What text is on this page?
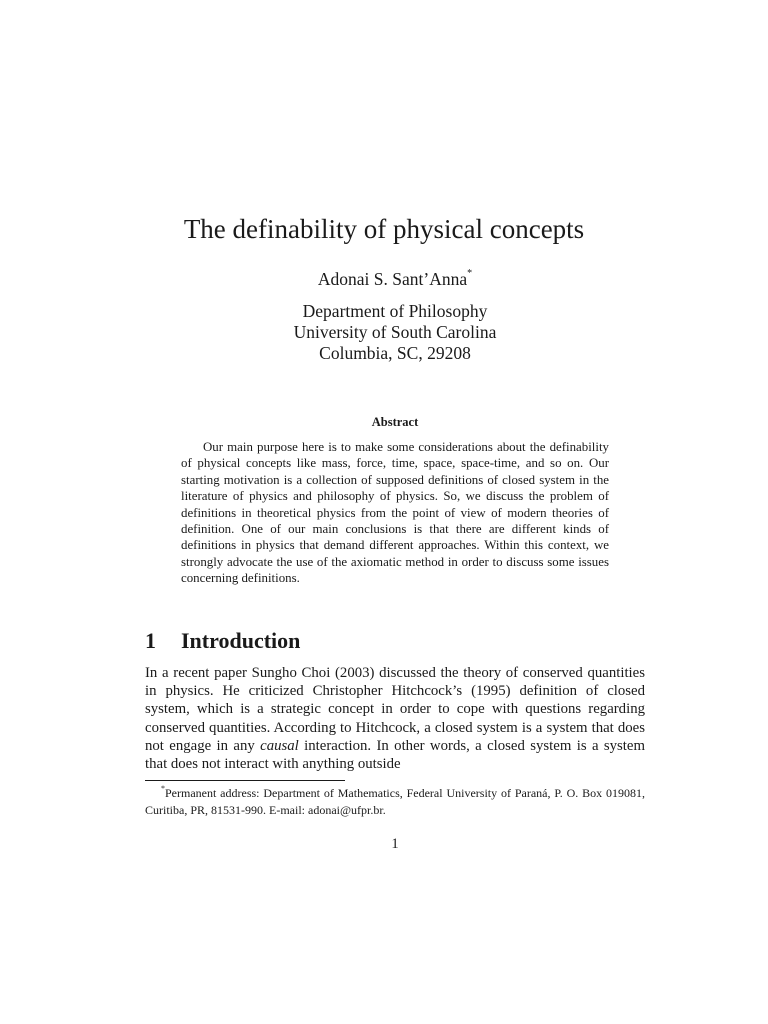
The definability of physical concepts
Adonai S. Sant’Anna*
Department of Philosophy
University of South Carolina
Columbia, SC, 29208
Abstract
Our main purpose here is to make some considerations about the definability of physical concepts like mass, force, time, space, space-time, and so on. Our starting motivation is a collection of supposed definitions of closed system in the literature of physics and philosophy of physics. So, we discuss the problem of definitions in theoretical physics from the point of view of modern theories of definition. One of our main conclusions is that there are different kinds of definitions in physics that demand different approaches. Within this context, we strongly advocate the use of the axiomatic method in order to discuss some issues concerning definitions.
1	Introduction
In a recent paper Sungho Choi (2003) discussed the theory of conserved quantities in physics. He criticized Christopher Hitchcock’s (1995) definition of closed system, which is a strategic concept in order to cope with questions regarding conserved quantities. According to Hitchcock, a closed system is a system that does not engage in any causal interaction. In other words, a closed system is a system that does not interact with anything outside
*Permanent address: Department of Mathematics, Federal University of Paraná, P. O. Box 019081, Curitiba, PR, 81531-990. E-mail: adonai@ufpr.br.
1
